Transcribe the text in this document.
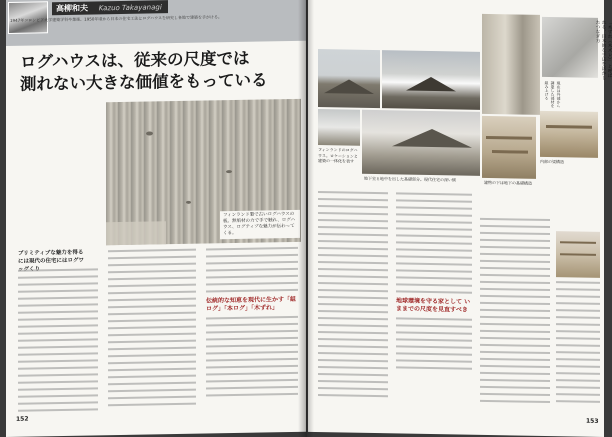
高柳和夫 Kazuo Takayanagi
1947年コロンビア大学建築学科卒業後、1950年頃から日本の住宅工法とログハウスを研究し各地で建築を手がける。
ログハウスは、従来の尺度では
測れない大きな価値をもっている
フィンランド製で古いログハウスの板。無垢材の力で手で触れ、ログハウス、ログティブな魅力が伝わってくる。
ブリミティブな魅力を得るには現代の住宅にはログワッグくり
伝統的な知恵を現代に生かす「組ログ」「本ログ」「木ずれ」
152
フィンランドのログハウス。ロケーションと建築の一体化を表す
地下室と地中を出した基礎部分。現代住宅の深い懐
建物の下は地下の基礎構造
内部の梁構造
「木ずれ（木ズレ）」と呼ばれる、日本的な手法を活かしたつなぎ方
現在は外部から調達した部材を組み上げる
地球環境を守る家として いままでの尺度を見直すべき
153
